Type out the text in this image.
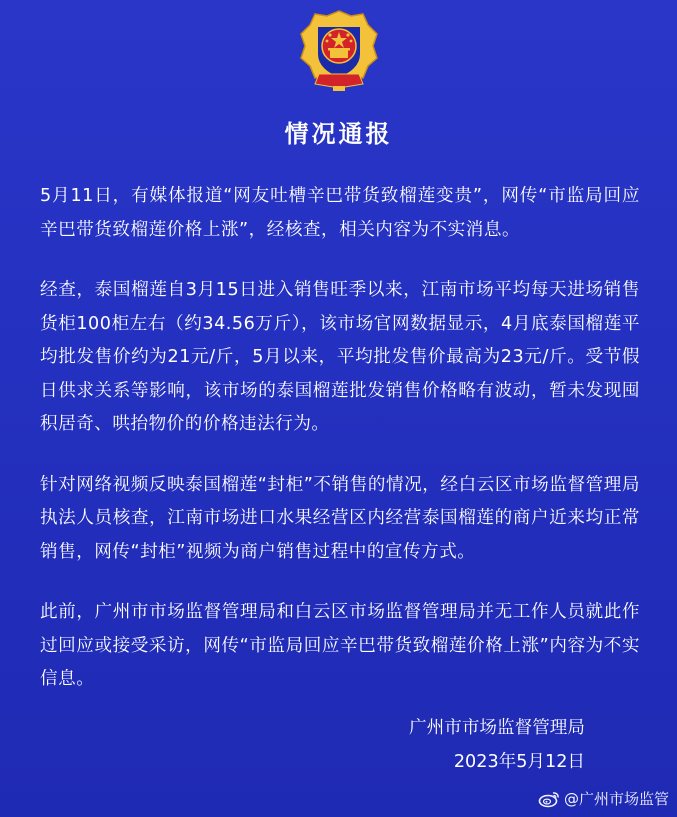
情况通报

5月11日，有媒体报道“网友吐槽辛巴带货致榴莲变贵”，网传“市监局回应辛巴带货致榴莲价格上涨”，经核查，相关内容为不实消息。

经查，泰国榴莲自3月15日进入销售旺季以来，江南市场平均每天进场销售货柜100柜左右（约34.56万斤），该市场官网数据显示，4月底泰国榴莲平均批发售价约为21元/斤，5月以来，平均批发售价最高为23元/斤。受节假日供求关系等影响，该市场的泰国榴莲批发销售价格略有波动，暂未发现囤积居奇、哄抬物价的价格违法行为。

针对网络视频反映泰国榴莲“封柜”不销售的情况，经白云区市场监督管理局执法人员核查，江南市场进口水果经营区内经营泰国榴莲的商户近来均正常销售，网传“封柜”视频为商户销售过程中的宣传方式。

此前，广州市市场监督管理局和白云区市场监督管理局并无工作人员就此作过回应或接受采访，网传“市监局回应辛巴带货致榴莲价格上涨”内容为不实信息。

广州市市场监督管理局
2023年5月12日
@广州市场监管
